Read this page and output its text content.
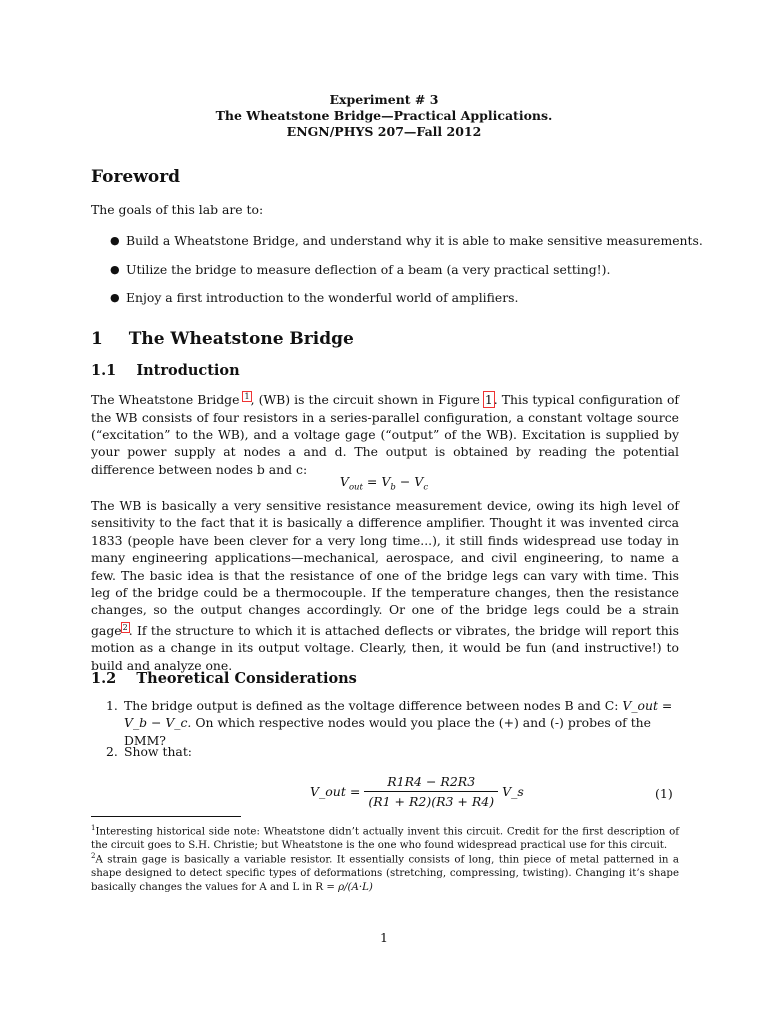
Experiment # 3
The Wheatstone Bridge—Practical Applications.
ENGN/PHYS 207—Fall 2012
Foreword
The goals of this lab are to:
● Build a Wheatstone Bridge, and understand why it is able to make sensitive measurements.
● Utilize the bridge to measure deflection of a beam (a very practical setting!).
● Enjoy a first introduction to the wonderful world of amplifiers.
1 The Wheatstone Bridge
1.1 Introduction
The Wheatstone Bridge $^1$, (WB) is the circuit shown in Figure 1. This typical configuration of the WB consists of four resistors in a series-parallel configuration, a constant voltage source (“excitation” to the WB), and a voltage gage (“output” of the WB). Excitation is supplied by your power supply at nodes a and d. The output is obtained by reading the potential difference between nodes b and c:
$V_{out} = V_b - V_c$
The WB is basically a very sensitive resistance measurement device, owing its high level of sensitivity to the fact that it is basically a difference amplifier. Thought it was invented circa 1833 (people have been clever for a very long time...), it still finds widespread use today in many engineering applications—mechanical, aerospace, and civil engineering, to name a few. The basic idea is that the resistance of one of the bridge legs can vary with time. This leg of the bridge could be a thermocouple. If the temperature changes, then the resistance changes, so the output changes accordingly. Or one of the bridge legs could be a strain gage$^2$. If the structure to which it is attached deflects or vibrates, the bridge will report this motion as a change in its output voltage. Clearly, then, it would be fun (and instructive!) to build and analyze one.
1.2 Theoretical Considerations
1. The bridge output is defined as the voltage difference between nodes B and C: V_out = V_b − V_c. On which respective nodes would you place the (+) and (-) probes of the DMM?
2. Show that:
V_out = $\frac{R1R4 - R2R3}{(R1 + R2)(R3 + R4)}$ V_s	(1)
$^1$Interesting historical side note: Wheatstone didn’t actually invent this circuit. Credit for the first description of the circuit goes to S.H. Christie; but Wheatstone is the one who found widespread practical use for this circuit.
$^2$A strain gage is basically a variable resistor. It essentially consists of long, thin piece of metal patterned in a shape designed to detect specific types of deformations (stretching, compressing, twisting). Changing it’s shape basically changes the values for A and L in R = ρ/(A·L)
1
